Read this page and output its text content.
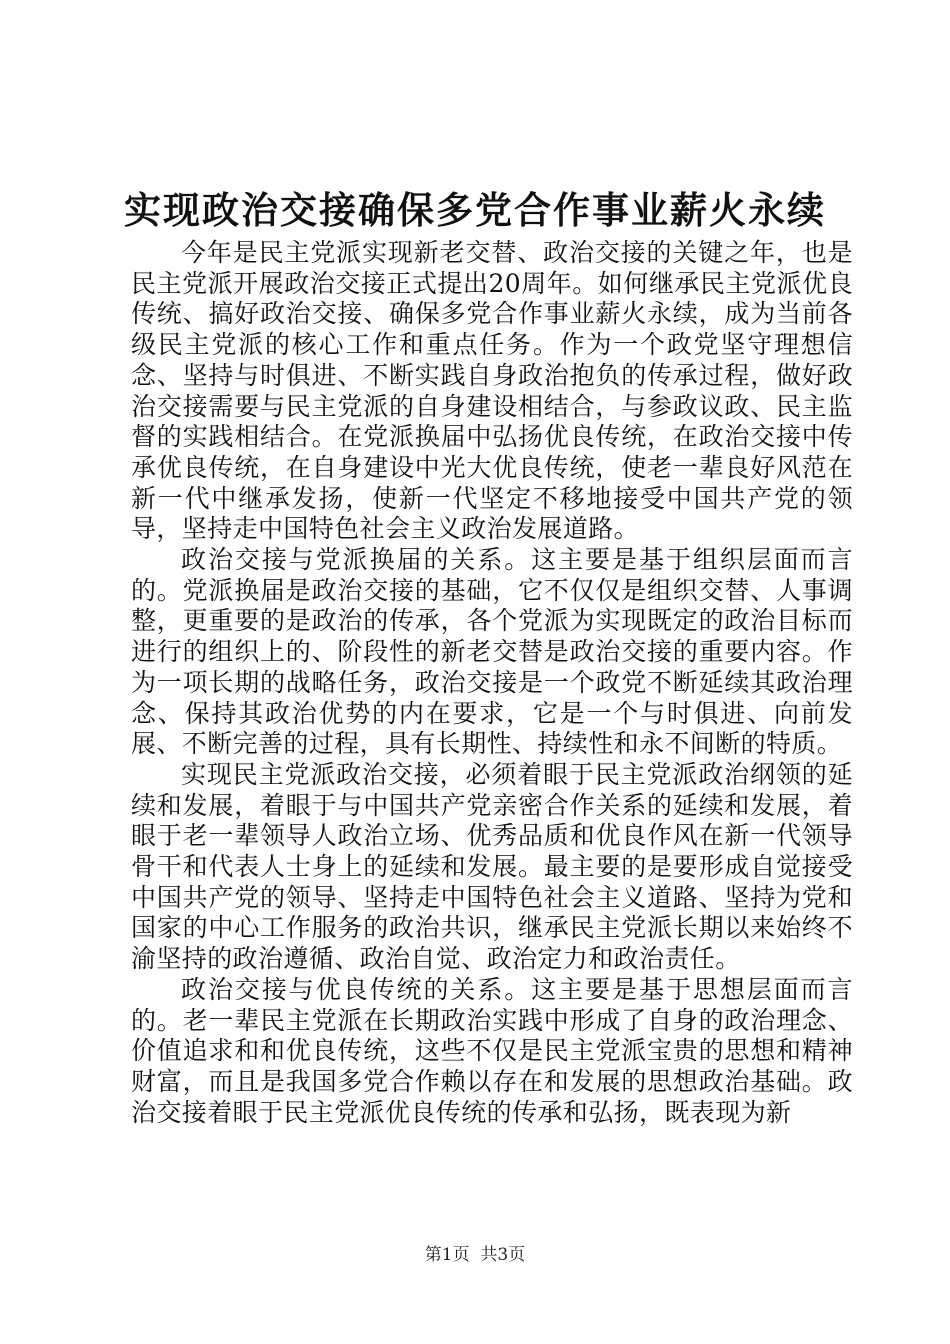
实现政治交接确保多党合作事业薪火永续

今年是民主党派实现新老交替、政治交接的关键之年，也是民主党派开展政治交接正式提出20周年。如何继承民主党派优良传统、搞好政治交接、确保多党合作事业薪火永续，成为当前各级民主党派的核心工作和重点任务。作为一个政党坚守理想信念、坚持与时俱进、不断实践自身政治抱负的传承过程，做好政治交接需要与民主党派的自身建设相结合，与参政议政、民主监督的实践相结合。在党派换届中弘扬优良传统，在政治交接中传承优良传统，在自身建设中光大优良传统，使老一辈良好风范在新一代中继承发扬，使新一代坚定不移地接受中国共产党的领导，坚持走中国特色社会主义政治发展道路。

政治交接与党派换届的关系。这主要是基于组织层面而言的。党派换届是政治交接的基础，它不仅仅是组织交替、人事调整，更重要的是政治的传承，各个党派为实现既定的政治目标而进行的组织上的、阶段性的新老交替是政治交接的重要内容。作为一项长期的战略任务，政治交接是一个政党不断延续其政治理念、保持其政治优势的内在要求，它是一个与时俱进、向前发展、不断完善的过程，具有长期性、持续性和永不间断的特质。

实现民主党派政治交接，必须着眼于民主党派政治纲领的延续和发展，着眼于与中国共产党亲密合作关系的延续和发展，着眼于老一辈领导人政治立场、优秀品质和优良作风在新一代领导骨干和代表人士身上的延续和发展。最主要的是要形成自觉接受中国共产党的领导、坚持走中国特色社会主义道路、坚持为党和国家的中心工作服务的政治共识，继承民主党派长期以来始终不渝坚持的政治遵循、政治自觉、政治定力和政治责任。

政治交接与优良传统的关系。这主要是基于思想层面而言的。老一辈民主党派在长期政治实践中形成了自身的政治理念、价值追求和和优良传统，这些不仅是民主党派宝贵的思想和精神财富，而且是我国多党合作赖以存在和发展的思想政治基础。政治交接着眼于民主党派优良传统的传承和弘扬，既表现为新

第1页 共3页
